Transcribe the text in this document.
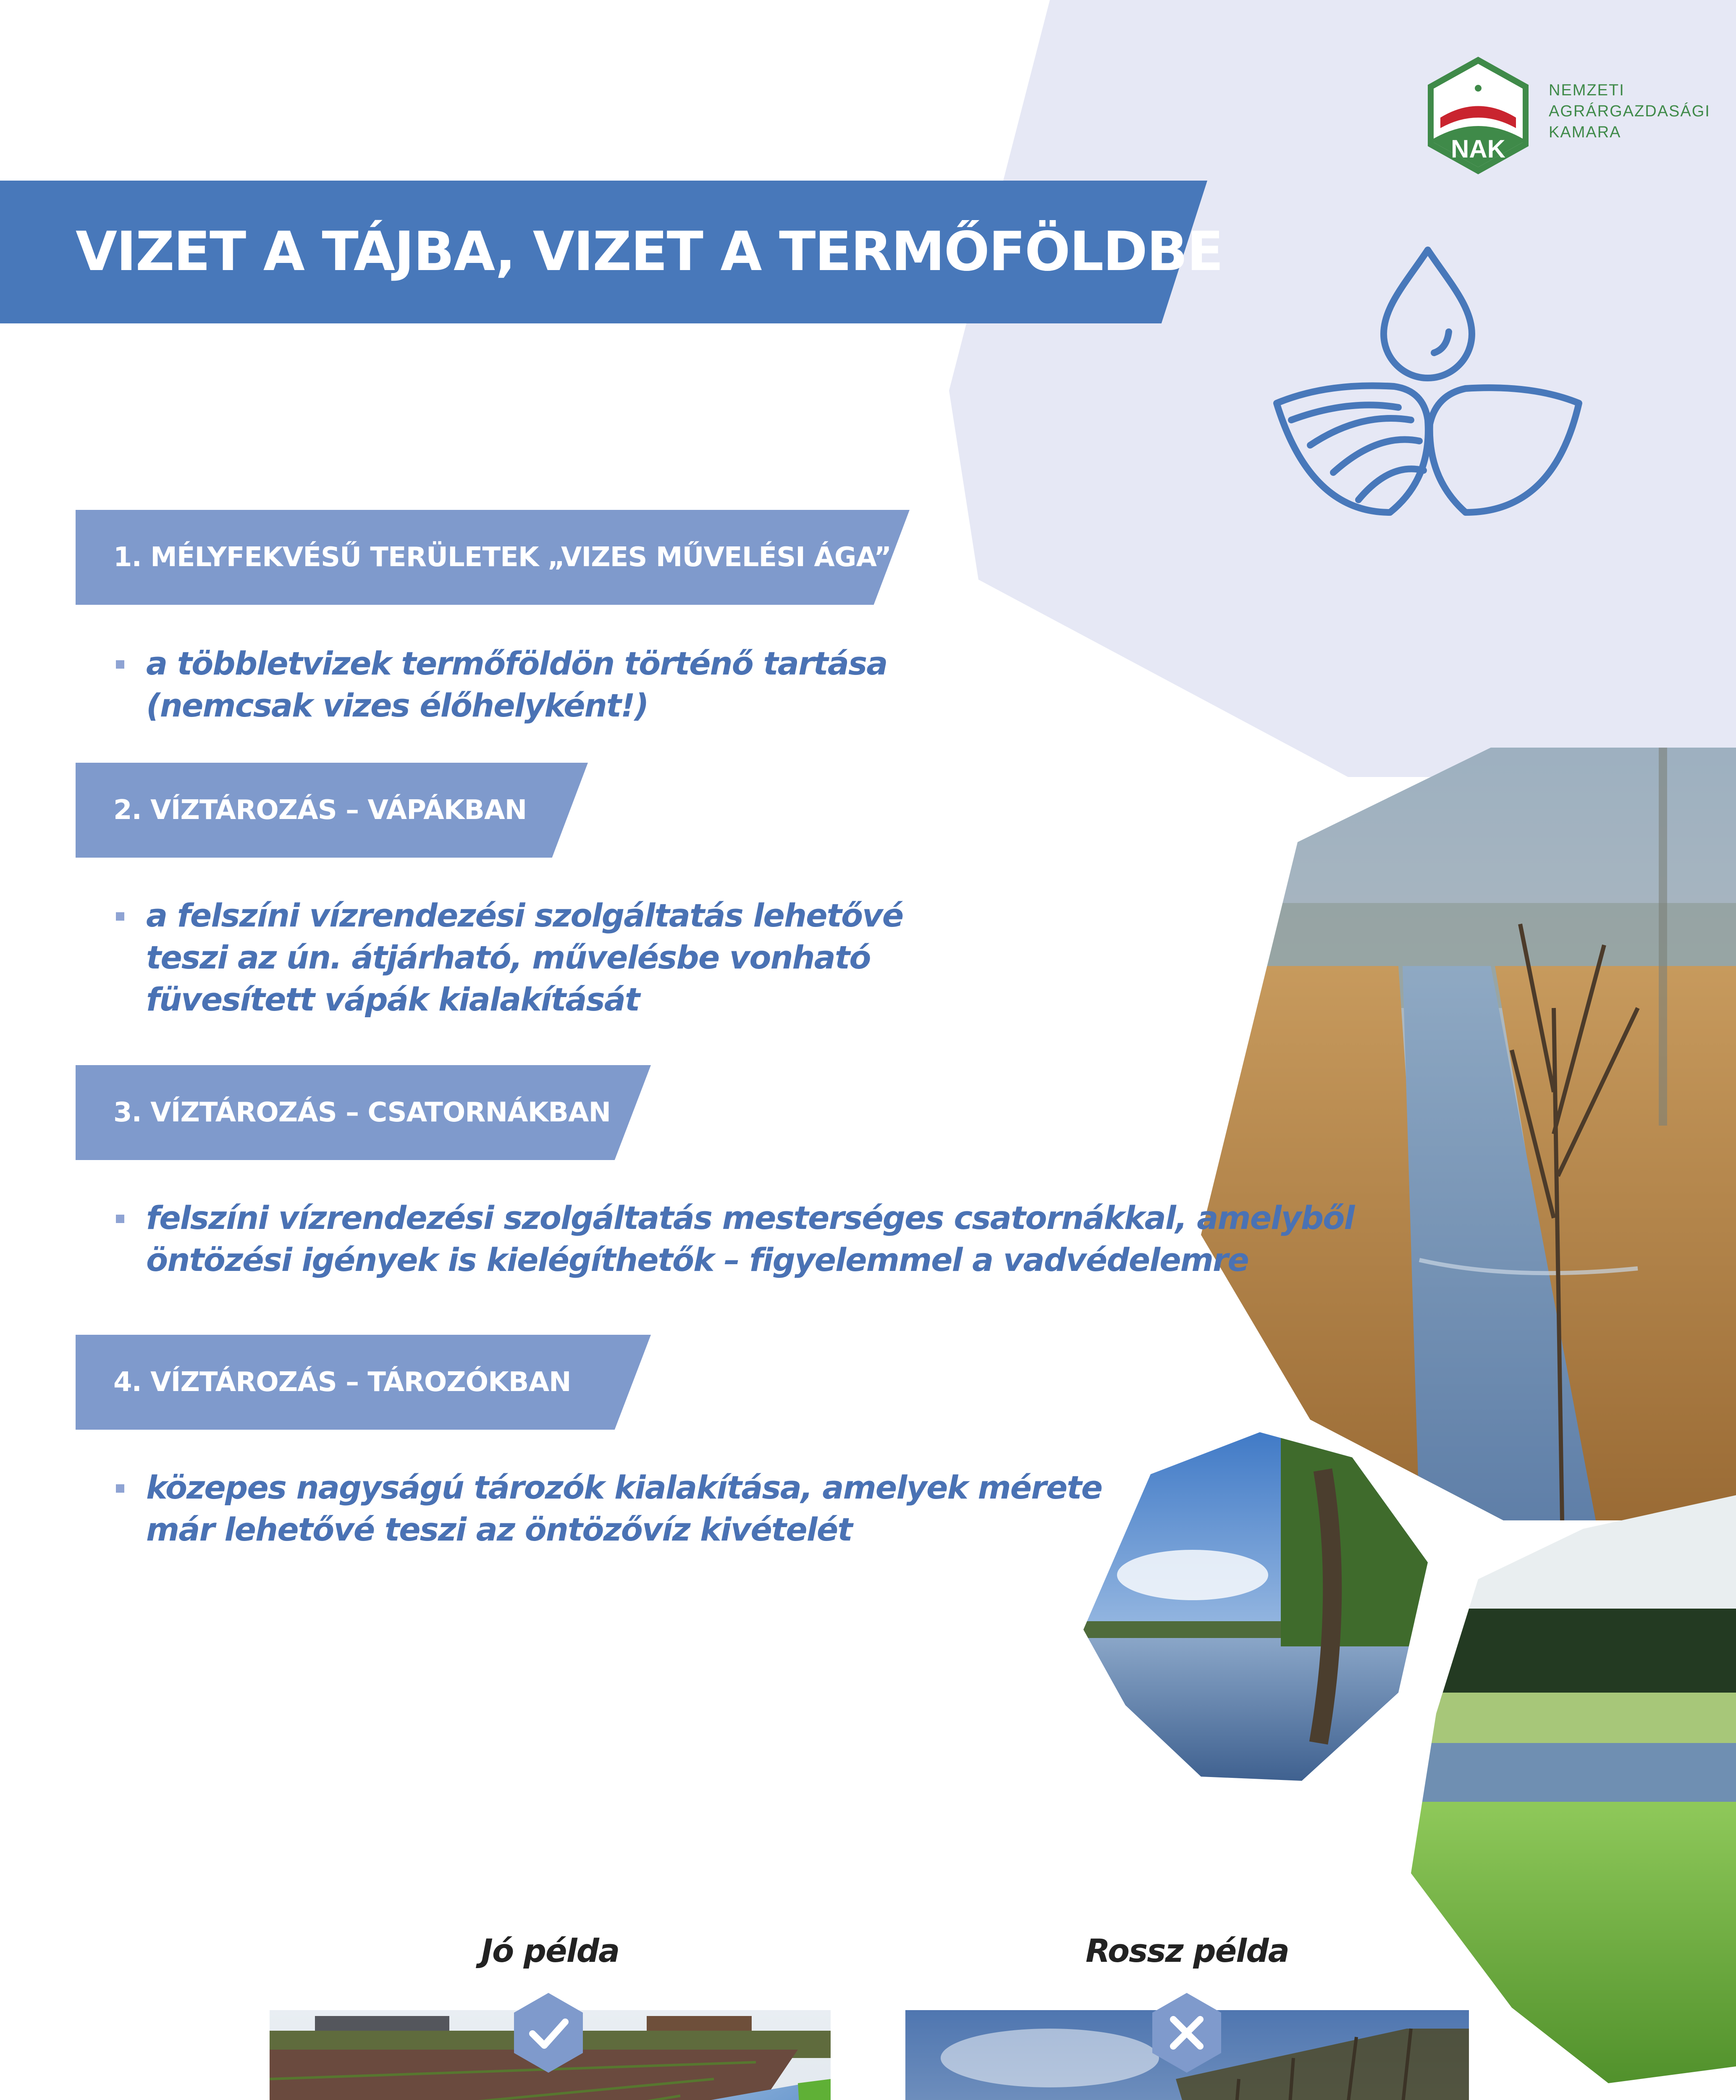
NAK
NEMZETI
AGRÁRGAZDASÁGI
KAMARA
VIZET A TÁJBA, VIZET A TERMŐFÖLDBE
1. MÉLYFEKVÉSŰ TERÜLETEK „VIZES MŰVELÉSI ÁGA”
a többletvizek termőföldön történő tartása
(nemcsak vizes élőhelyként!)
2. VÍZTÁROZÁS – VÁPÁKBAN
a felszíni vízrendezési szolgáltatás lehetővé
teszi az ún. átjárható, művelésbe vonható
füvesített vápák kialakítását
3. VÍZTÁROZÁS – CSATORNÁKBAN
felszíni vízrendezési szolgáltatás mesterséges csatornákkal, amelyből
öntözési igények is kielégíthetők – figyelemmel a vadvédelemre
4. VÍZTÁROZÁS – TÁROZÓKBAN
közepes nagyságú tározók kialakítása, amelyek mérete
már lehetővé teszi az öntözővíz kivételét
Jó példa	Rossz példa
